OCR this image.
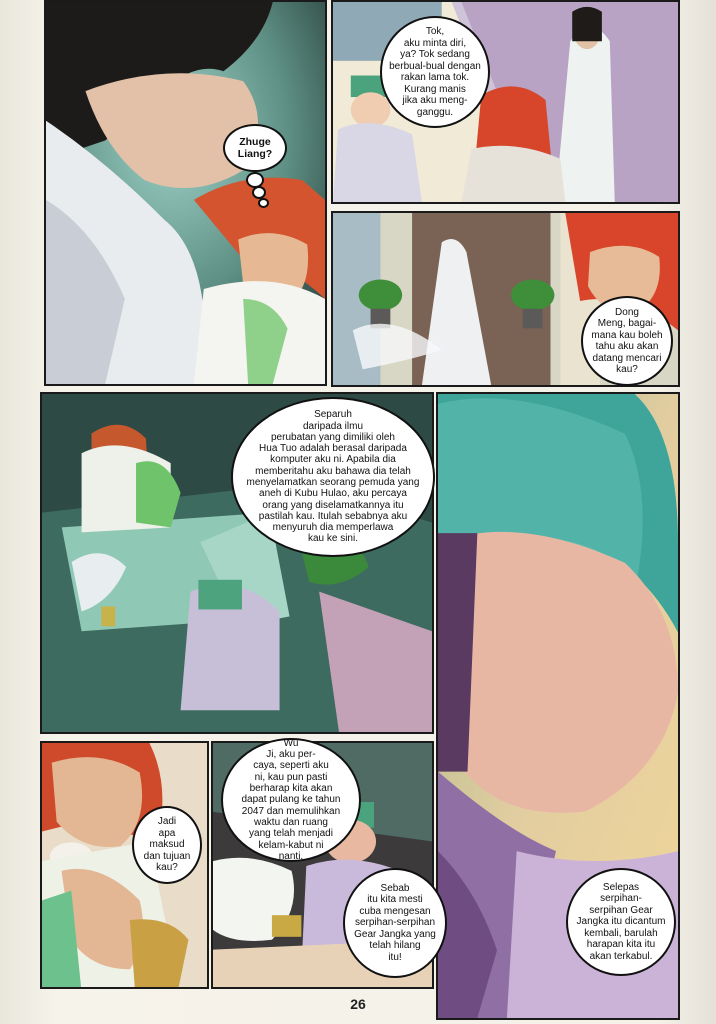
Zhuge
Liang?
Tok,
aku minta diri,
ya? Tok sedang
berbual-bual dengan
rakan lama tok.
Kurang manis
jika aku meng-
ganggu.
Dong
Meng, bagai-
mana kau boleh
tahu aku akan
datang mencari
kau?
Separuh
daripada ilmu
perubatan yang dimiliki oleh
Hua Tuo adalah berasal daripada
komputer aku ni. Apabila dia
memberitahu aku bahawa dia telah
menyelamatkan seorang pemuda yang
aneh di Kubu Hulao, aku percaya
orang yang diselamatkannya itu
pastilah kau. Itulah sebabnya aku
menyuruh dia memperlawa
kau ke sini.
Jadi
apa maksud
dan tujuan
kau?
Wu
Ji, aku per-
caya, seperti aku
ni, kau pun pasti
berharap kita akan
dapat pulang ke tahun
2047 dan memulihkan
waktu dan ruang
yang telah menjadi
kelam-kabut ni
nanti.
Sebab
itu kita mesti
cuba mengesan
serpihan-serpihan
Gear Jangka yang
telah hilang
itu!
Selepas
serpihan-
serpihan Gear
Jangka itu dicantum
kembali, barulah
harapan kita itu
akan terkabul.
26
